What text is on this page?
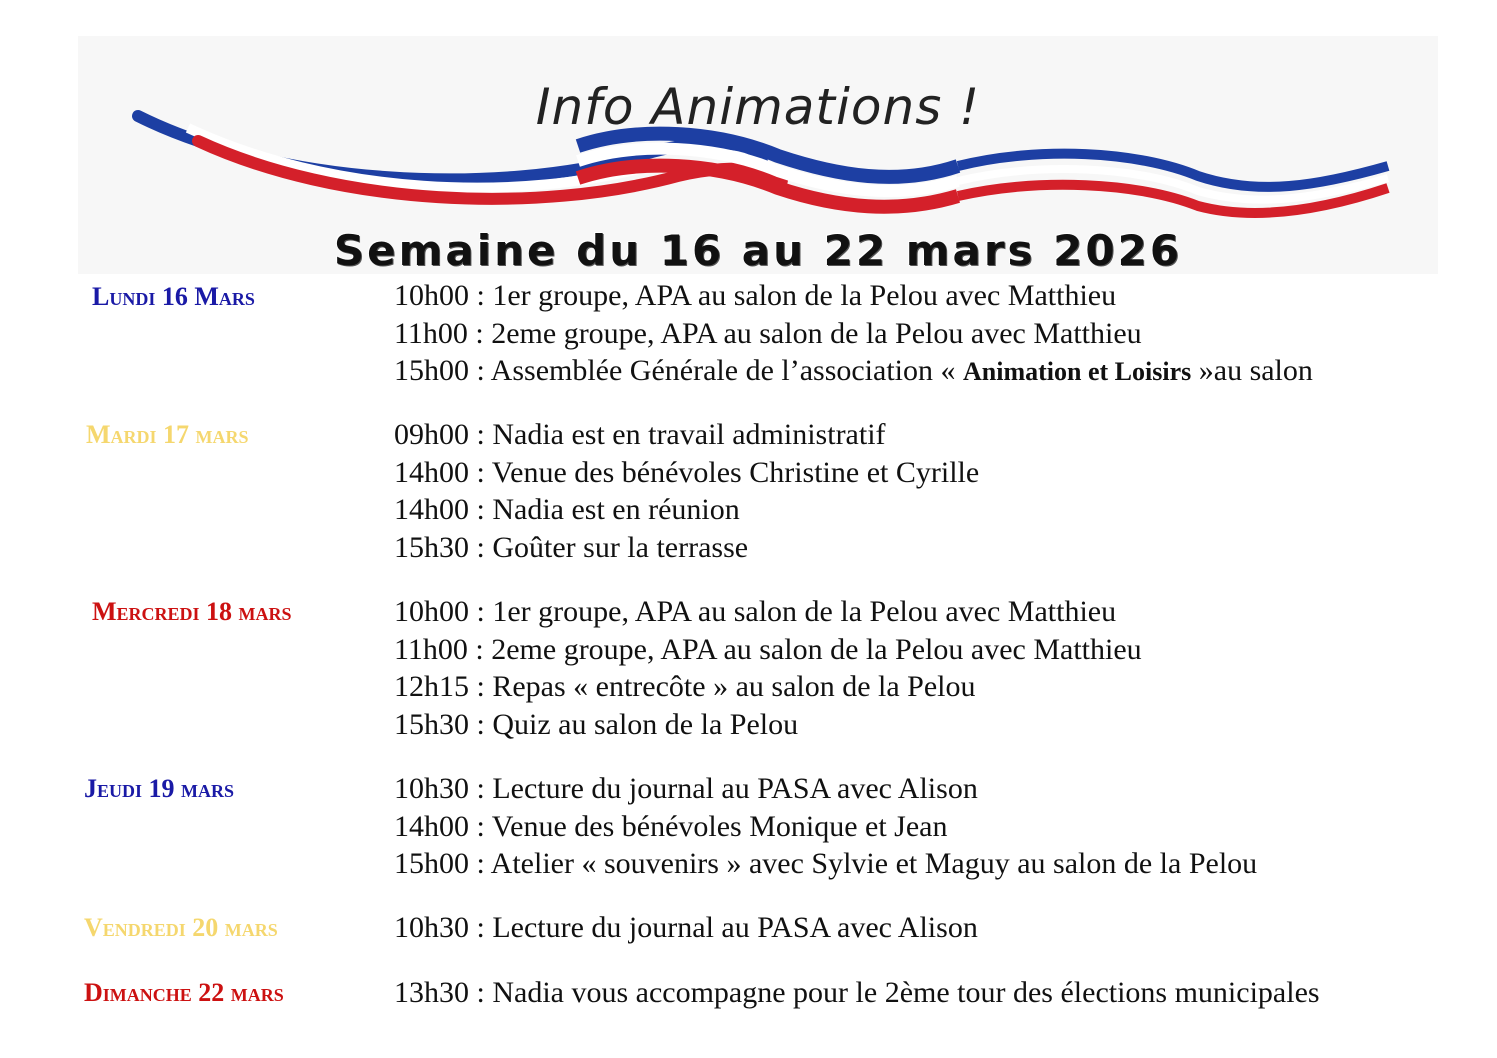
Info Animations !
Semaine du 16 au 22 mars 2026
Lundi 16 Mars	10h00 : 1er groupe, APA au salon de la Pelou avec Matthieu
11h00 : 2eme groupe, APA au salon de la Pelou avec Matthieu
15h00 : Assemblée Générale de l’association « Animation et Loisirs »au salon
Mardi 17 mars	09h00 : Nadia est en travail administratif
14h00 : Venue des bénévoles Christine et Cyrille
14h00 : Nadia est en réunion
15h30 : Goûter sur la terrasse
Mercredi 18 mars	10h00 : 1er groupe, APA au salon de la Pelou avec Matthieu
11h00 : 2eme groupe, APA au salon de la Pelou avec Matthieu
12h15 : Repas « entrecôte » au salon de la Pelou
15h30 : Quiz au salon de la Pelou
Jeudi 19 mars	10h30 : Lecture du journal au PASA avec Alison
14h00 : Venue des bénévoles Monique et Jean
15h00 : Atelier « souvenirs » avec Sylvie et Maguy au salon de la Pelou
Vendredi 20 mars	10h30 : Lecture du journal au PASA avec Alison
Dimanche 22 mars	13h30 : Nadia vous accompagne pour le 2ème tour des élections municipales
